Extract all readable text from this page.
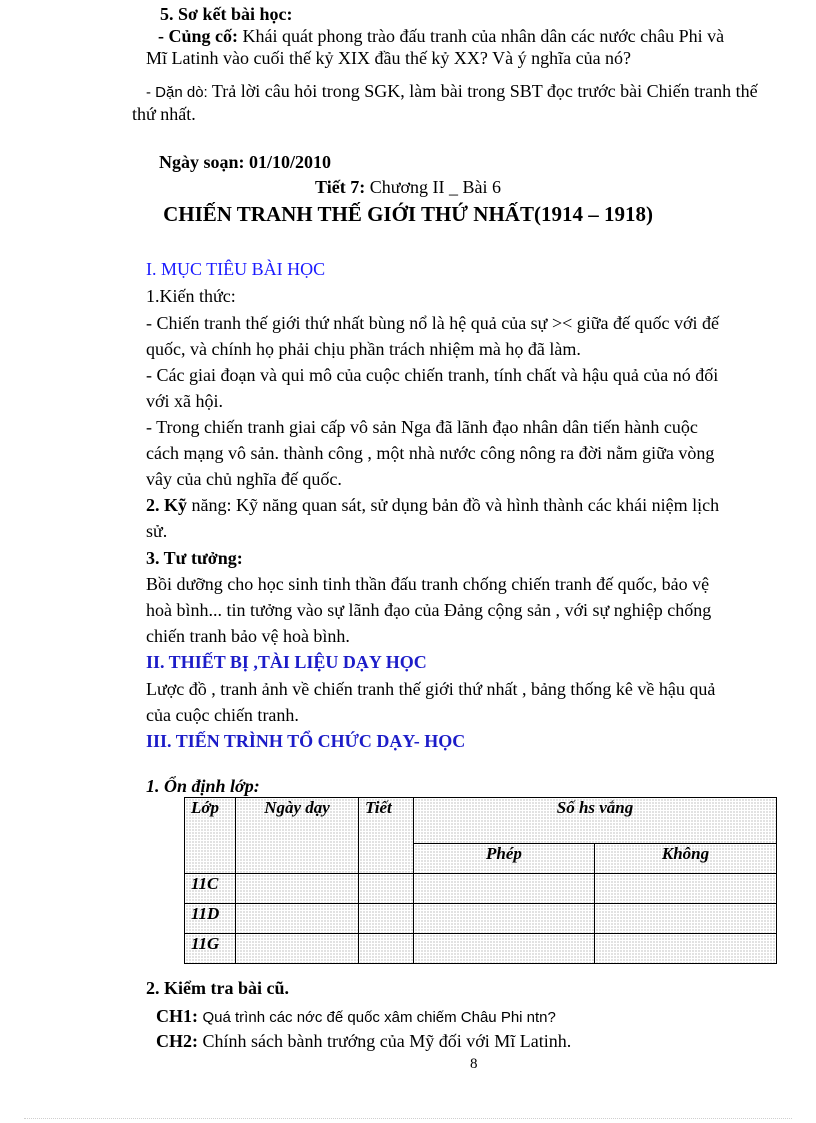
5. Sơ kết bài học:
- Củng cố: Khái quát phong trào đấu tranh của nhân dân các nước châu Phi và
Mĩ Latinh vào cuối thế kỷ XIX đầu thế kỷ XX? Và ý nghĩa của nó?
- Dặn dò: Trả lời câu hỏi trong SGK, làm bài trong SBT đọc trước bài Chiến tranh thế
thứ nhất.
Ngày soạn: 01/10/2010
Tiết 7: Chương II _ Bài 6
CHIẾN TRANH THẾ GIỚI THỨ NHẤT(1914 – 1918)
I. MỤC TIÊU BÀI HỌC
1.Kiến thức:
- Chiến tranh thế giới thứ nhất bùng nổ là hệ quả của sự >< giữa đế quốc với đế
quốc, và chính họ phải chịu phần trách nhiệm mà họ đã làm.
- Các giai đoạn và qui mô của cuộc chiến tranh, tính chất và hậu quả của nó đối
với xã hội.
- Trong chiến tranh giai cấp vô sản Nga đã lãnh đạo nhân dân tiến hành cuộc
cách mạng vô sản. thành công , một nhà nước công nông ra đời nằm giữa vòng
vây của chủ nghĩa đế quốc.
2. Kỹ năng: Kỹ năng quan sát, sử dụng bản đồ và hình thành các khái niệm lịch
sử.
3. Tư tưởng:
Bồi dưỡng cho học sinh tinh thần đấu tranh chống chiến tranh đế quốc, bảo vệ
hoà bình... tin tưởng vào sự lãnh đạo của Đảng cộng sản , với sự nghiệp chống
chiến tranh bảo vệ hoà bình.
II. THIẾT BỊ ,TÀI LIỆU DẠY HỌC
Lược đồ , tranh ảnh về chiến tranh thế giới thứ nhất , bảng thống kê về hậu quả
của cuộc chiến tranh.
III. TIẾN TRÌNH TỔ CHỨC DẠY- HỌC
1. Ổn định lớp:
Lớp	Ngày dạy	Tiết	Số hs vắng	
			Phép	Không
11C				
11D				
11G				
2. Kiểm tra bài cũ.
CH1: Quá trình các nớc đế quốc xâm chiếm Châu Phi ntn?
CH2: Chính sách bành trướng của Mỹ đối với Mĩ Latinh.
8
